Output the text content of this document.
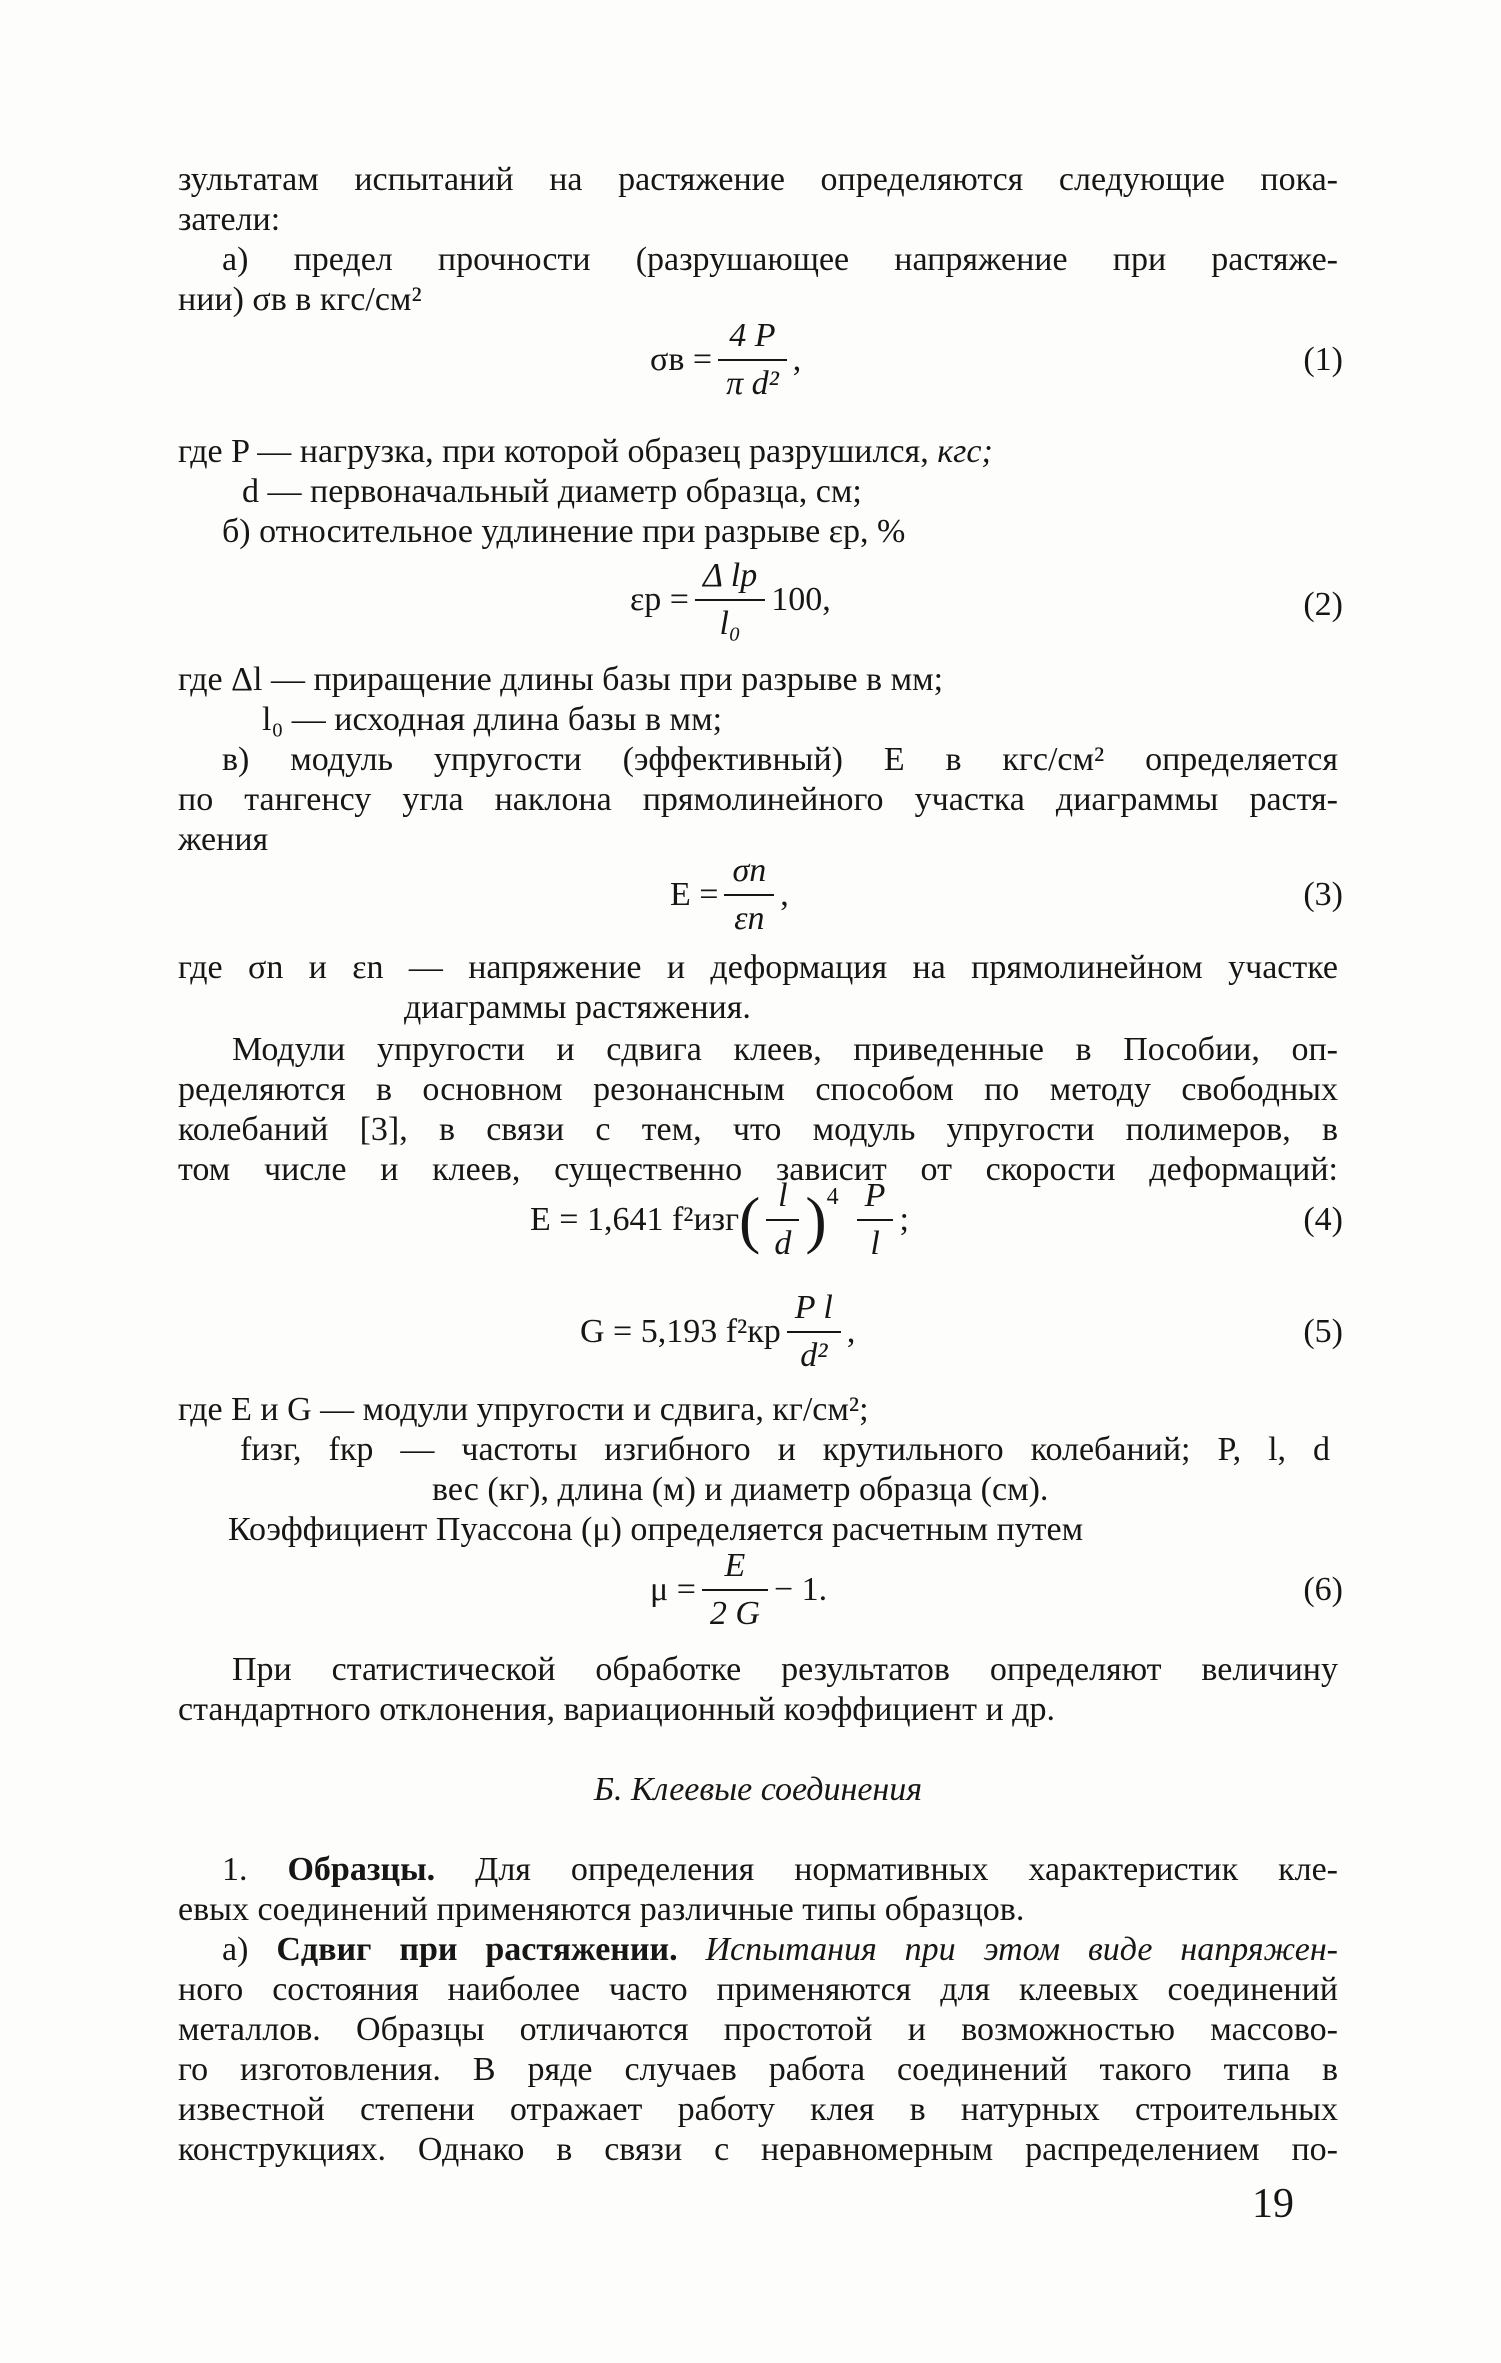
зультатам испытаний на растяжение определяются следующие пока-
затели:
а) предел прочности (разрушающее напряжение при растяже-
нии) σв в кгс/см²
$\sigma в = \frac{4 P}{\text{π d²}}$ ,	(1)
где P — нагрузка, при которой образец разрушился, кгс;
d — первоначальный диаметр образца, см;
б) относительное удлинение при разрыве εр, %
$\varepsilon р = \frac{\text{Δ lр}}{\text{l₀}} 100$,	(2)
где Δl — приращение длины базы при разрыве в мм;
l₀ — исходная длина базы в мм;
в) модуль упругости (эффективный) E в кгс/см² определяется
по тангенсу угла наклона прямолинейного участка диаграммы растя-
жения
$E = \frac{\sigma n}{\varepsilon n}$ ,	(3)
где σn и εn — напряжение и деформация на прямолинейном участке
диаграммы растяжения.
Модули упругости и сдвига клеев, приведенные в Пособии, оп-
ределяются в основном резонансным способом по методу свободных
колебаний [3], в связи с тем, что модуль упругости полимеров, в
том числе и клеев, существенно зависит от скорости деформаций:
E = 1,641 f²изг ( $\frac{l}{d} )^4 \frac{P}{l}$ ;	(4)
G = 5,193 $f^2кр \frac{\text{P l}}{\text{d²}}$ ,	(5)
где E и G — модули упругости и сдвига, кг/см²;
fизг, fкр — частоты изгибного и крутильного колебаний; P, l, d
вес (кг), длина (м) и диаметр образца (см).
Коэффициент Пуассона (μ) определяется расчетным путем
$\mu = \frac{E}{2 G} - 1$.	(6)
При статистической обработке результатов определяют величину
стандартного отклонения, вариационный коэффициент и др.
Б. Клеевые соединения
1. Образцы. Для определения нормативных характеристик кле-
евых соединений применяются различные типы образцов.
а) Сдвиг при растяжении. Испытания при этом виде напряжен-
ного состояния наиболее часто применяются для клеевых соединений
металлов. Образцы отличаются простотой и возможностью массово-
го изготовления. В ряде случаев работа соединений такого типа в
известной степени отражает работу клея в натурных строительных
конструкциях. Однако в связи с неравномерным распределением по-
19
